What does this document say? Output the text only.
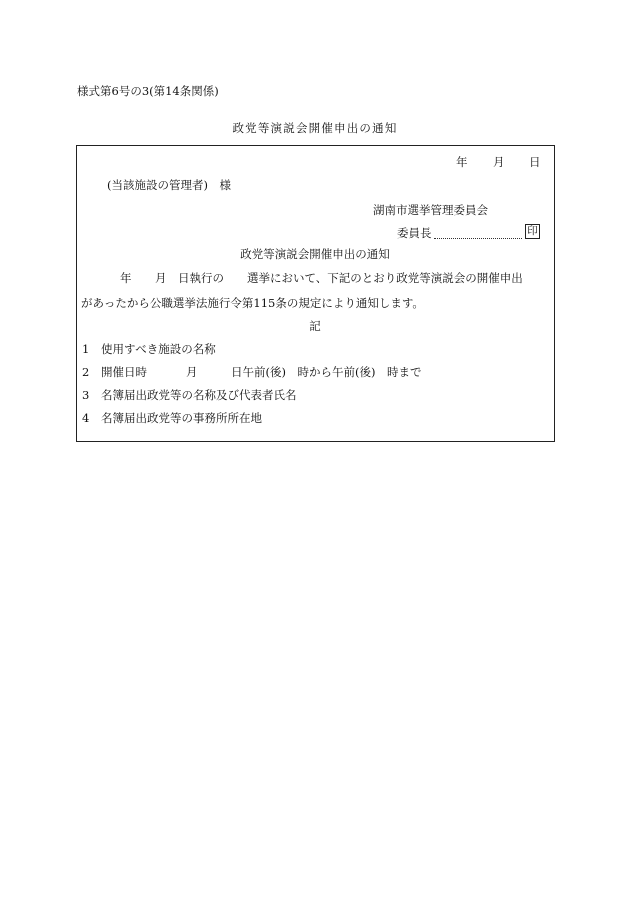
様式第6号の3(第14条関係)
政党等演説会開催申出の通知
年 月 日
(当該施設の管理者)　様
湖南市選挙管理委員会
委員長	印
政党等演説会開催申出の通知
年 月 日執行の　　選挙において、下記のとおり政党等演説会の開催申出
があったから公職選挙法施行令第115条の規定により通知します。
記
1 使用すべき施設の名称
2 開催日時	月	日午前(後)　時から午前(後)　時まで
3 名簿届出政党等の名称及び代表者氏名
4 名簿届出政党等の事務所所在地
